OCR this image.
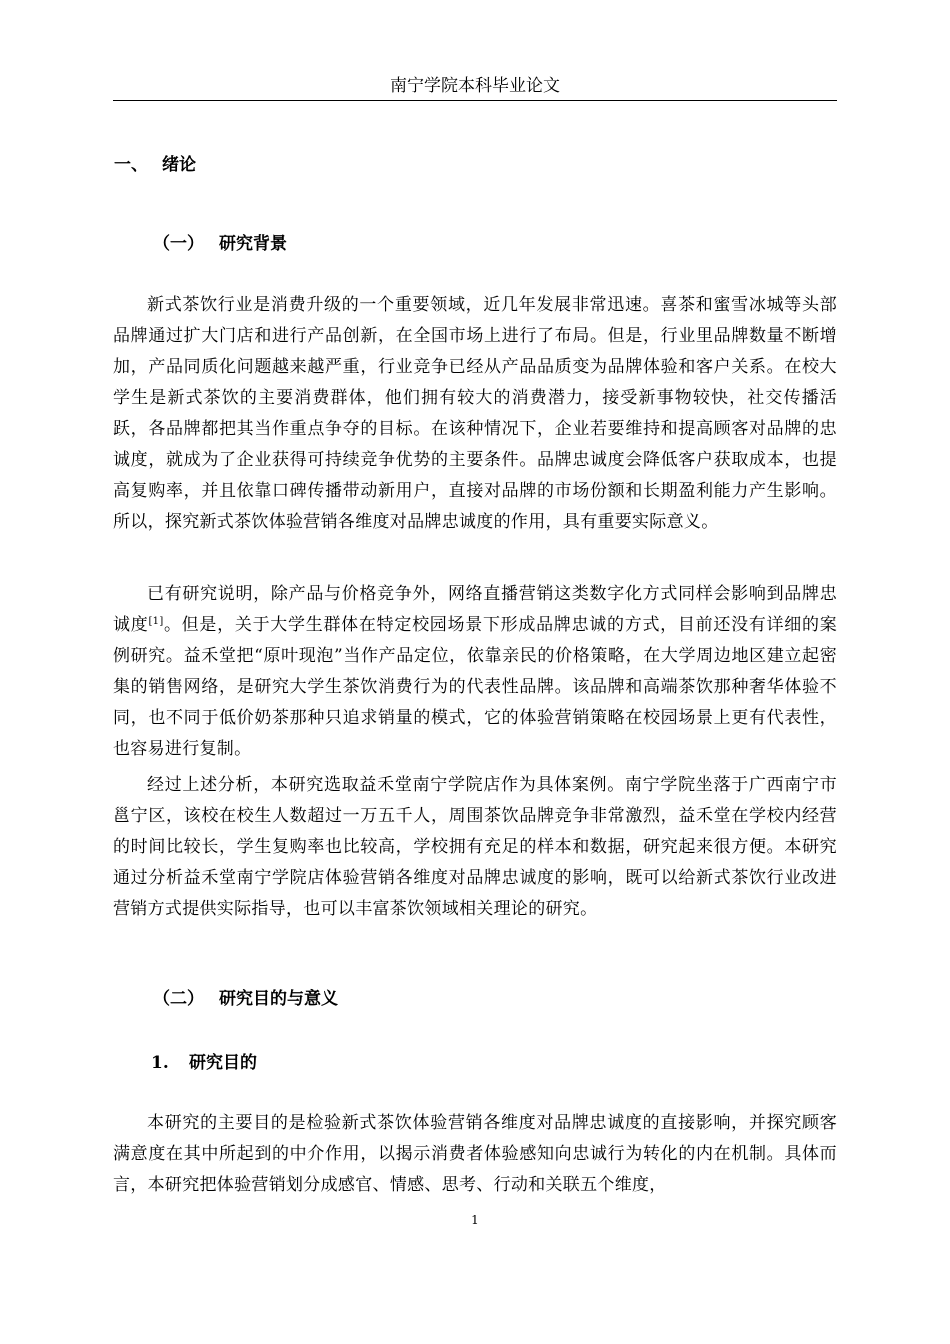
南宁学院本科毕业论文
一、 绪论
（一） 研究背景

新式茶饮行业是消费升级的一个重要领域，近几年发展非常迅速。喜茶和蜜雪冰城等头部品牌通过扩大门店和进行产品创新，在全国市场上进行了布局。但是，行业里品牌数量不断增加，产品同质化问题越来越严重，行业竞争已经从产品品质变为品牌体验和客户关系。在校大学生是新式茶饮的主要消费群体，他们拥有较大的消费潜力，接受新事物较快，社交传播活跃，各品牌都把其当作重点争夺的目标。在该种情况下，企业若要维持和提高顾客对品牌的忠诚度，就成为了企业获得可持续竞争优势的主要条件。品牌忠诚度会降低客户获取成本，也提高复购率，并且依靠口碑传播带动新用户，直接对品牌的市场份额和长期盈利能力产生影响。所以，探究新式茶饮体验营销各维度对品牌忠诚度的作用，具有重要实际意义。

已有研究说明，除产品与价格竞争外，网络直播营销这类数字化方式同样会影响到品牌忠诚度[1]。但是，关于大学生群体在特定校园场景下形成品牌忠诚的方式，目前还没有详细的案例研究。益禾堂把“原叶现泡”当作产品定位，依靠亲民的价格策略，在大学周边地区建立起密集的销售网络，是研究大学生茶饮消费行为的代表性品牌。该品牌和高端茶饮那种奢华体验不同，也不同于低价奶茶那种只追求销量的模式，它的体验营销策略在校园场景上更有代表性，也容易进行复制。

经过上述分析，本研究选取益禾堂南宁学院店作为具体案例。南宁学院坐落于广西南宁市邕宁区，该校在校生人数超过一万五千人，周围茶饮品牌竞争非常激烈，益禾堂在学校内经营的时间比较长，学生复购率也比较高，学校拥有充足的样本和数据，研究起来很方便。本研究通过分析益禾堂南宁学院店体验营销各维度对品牌忠诚度的影响，既可以给新式茶饮行业改进营销方式提供实际指导，也可以丰富茶饮领域相关理论的研究。

（二） 研究目的与意义
1. 研究目的

本研究的主要目的是检验新式茶饮体验营销各维度对品牌忠诚度的直接影响，并探究顾客满意度在其中所起到的中介作用，以揭示消费者体验感知向忠诚行为转化的内在机制。具体而言，本研究把体验营销划分成感官、情感、思考、行动和关联五个维度，

1
